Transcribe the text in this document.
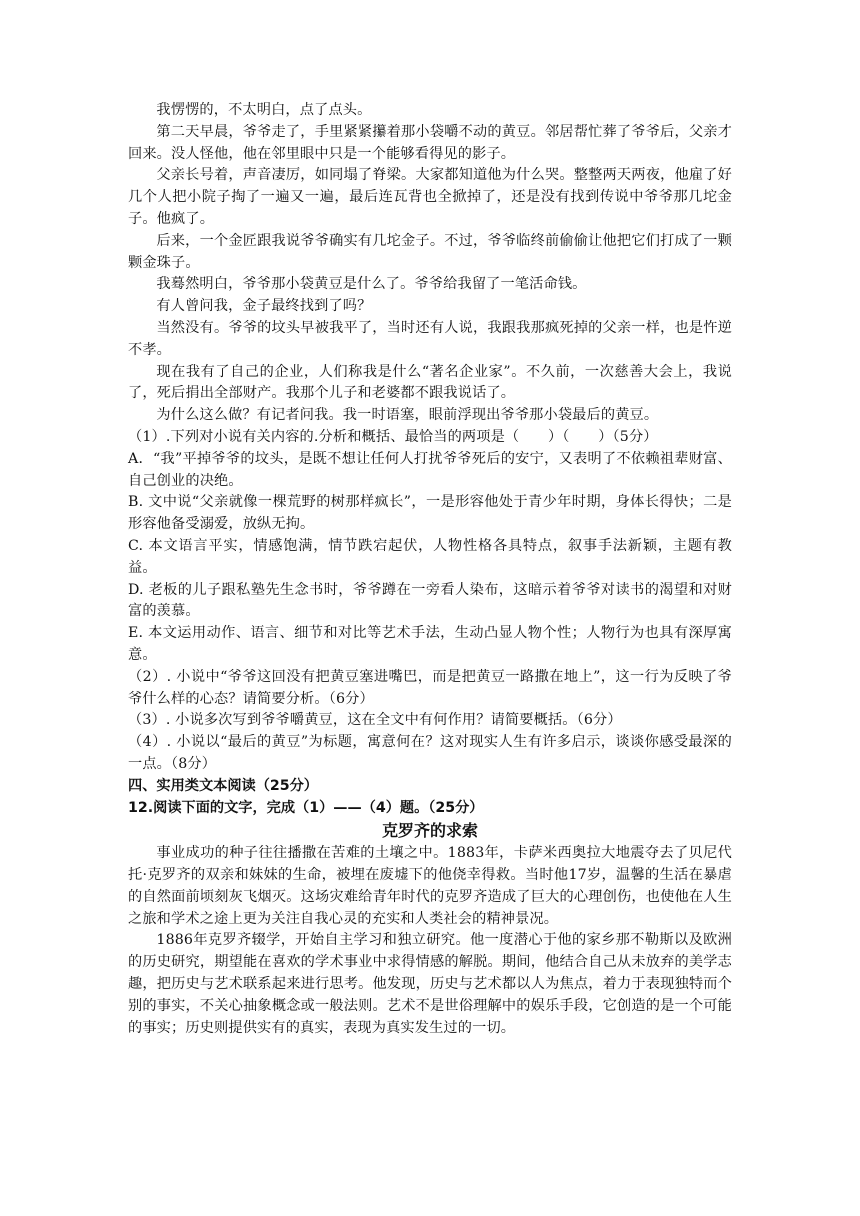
我愣愣的，不太明白，点了点头。

第二天早晨，爷爷走了，手里紧紧攥着那小袋嚼不动的黄豆。邻居帮忙葬了爷爷后，父亲才回来。没人怪他，他在邻里眼中只是一个能够看得见的影子。

父亲长号着，声音凄厉，如同塌了脊梁。大家都知道他为什么哭。整整两天两夜，他雇了好几个人把小院子掏了一遍又一遍，最后连瓦背也全掀掉了，还是没有找到传说中爷爷那几坨金子。他疯了。

后来，一个金匠跟我说爷爷确实有几坨金子。不过，爷爷临终前偷偷让他把它们打成了一颗颗金珠子。

我蓦然明白，爷爷那小袋黄豆是什么了。爷爷给我留了一笔活命钱。

有人曾问我，金子最终找到了吗？

当然没有。爷爷的坟头早被我平了，当时还有人说，我跟我那疯死掉的父亲一样，也是忤逆不孝。

现在我有了自己的企业，人们称我是什么“著名企业家”。不久前，一次慈善大会上，我说了，死后捐出全部财产。我那个儿子和老婆都不跟我说话了。

为什么这么做？有记者问我。我一时语塞，眼前浮现出爷爷那小袋最后的黄豆。

（1）.下列对小说有关内容的.分析和概括、最恰当的两项是（　　）（　　）（5分）

A．“我”平掉爷爷的坟头，是既不想让任何人打扰爷爷死后的安宁，又表明了不依赖祖辈财富、自己创业的决绝。

B. 文中说“父亲就像一棵荒野的树那样疯长”，一是形容他处于青少年时期，身体长得快；二是形容他备受溺爱，放纵无拘。

C. 本文语言平实，情感饱满，情节跌宕起伏，人物性格各具特点，叙事手法新颖，主题有教益。

D. 老板的儿子跟私塾先生念书时，爷爷蹲在一旁看人染布，这暗示着爷爷对读书的渴望和对财富的羡慕。

E. 本文运用动作、语言、细节和对比等艺术手法，生动凸显人物个性；人物行为也具有深厚寓意。

（2）. 小说中“爷爷这回没有把黄豆塞进嘴巴，而是把黄豆一路撒在地上”，这一行为反映了爷爷什么样的心态？请简要分析。（6分）

（3）. 小说多次写到爷爷嚼黄豆，这在全文中有何作用？请简要概括。（6分）

（4）. 小说以“最后的黄豆”为标题，寓意何在？这对现实人生有许多启示，谈谈你感受最深的一点。（8分）

四、实用类文本阅读（25分）

12.阅读下面的文字，完成（1）——（4）题。（25分）

克罗齐的求索

事业成功的种子往往播撒在苦难的土壤之中。1883年，卡萨米西奥拉大地震夺去了贝尼代托·克罗齐的双亲和妹妹的生命，被埋在废墟下的他侥幸得救。当时他17岁，温馨的生活在暴虐的自然面前顷刻灰飞烟灭。这场灾难给青年时代的克罗齐造成了巨大的心理创伤，也使他在人生之旅和学术之途上更为关注自我心灵的充实和人类社会的精神景况。

1886年克罗齐辍学，开始自主学习和独立研究。他一度潜心于他的家乡那不勒斯以及欧洲的历史研究，期望能在喜欢的学术事业中求得情感的解脱。期间，他结合自己从未放弃的美学志趣，把历史与艺术联系起来进行思考。他发现，历史与艺术都以人为焦点，着力于表现独特而个别的事实，不关心抽象概念或一般法则。艺术不是世俗理解中的娱乐手段，它创造的是一个可能的事实；历史则提供实有的真实，表现为真实发生过的一切。
